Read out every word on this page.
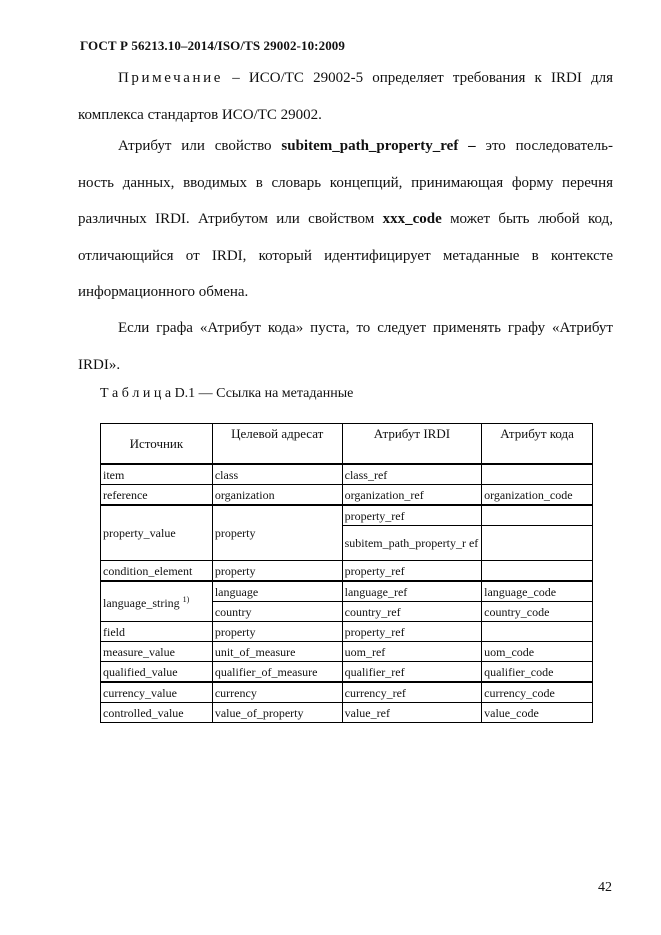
ГОСТ Р 56213.10–2014/ISO/TS 29002-10:2009
Примечание – ИСО/ТС 29002-5 определяет требования к IRDI для
комплекса стандартов ИСО/ТС 29002.
Атрибут или свойство subitem_path_property_ref – это последователь-
ность данных, вводимых в словарь концепций, принимающая форму перечня
различных IRDI. Атрибутом или свойством xxx_code может быть любой код,
отличающийся от IRDI, который идентифицирует метаданные в контексте
информационного обмена.
Если графа «Атрибут кода» пуста, то следует применять графу «Атрибут
IRDI».
Т а б л и ц а D.1 — Ссылка на метаданные
Источник	Целевой адресат	Атрибут IRDI	Атрибут кода
item	class	class_ref	
reference	organization	organization_ref	organization_code
property_value	property	property_ref	
		subitem_path_property_r ef	
condition_element	property	property_ref	
language_string $^{1)}$	language	language_ref	language_code
	country	country_ref	country_code
field	property	property_ref	
measure_value	unit_of_measure	uom_ref	uom_code
qualified_value	qualifier_of_measure	qualifier_ref	qualifier_code
currency_value	currency	currency_ref	currency_code
controlled_value	value_of_property	value_ref	value_code
42
